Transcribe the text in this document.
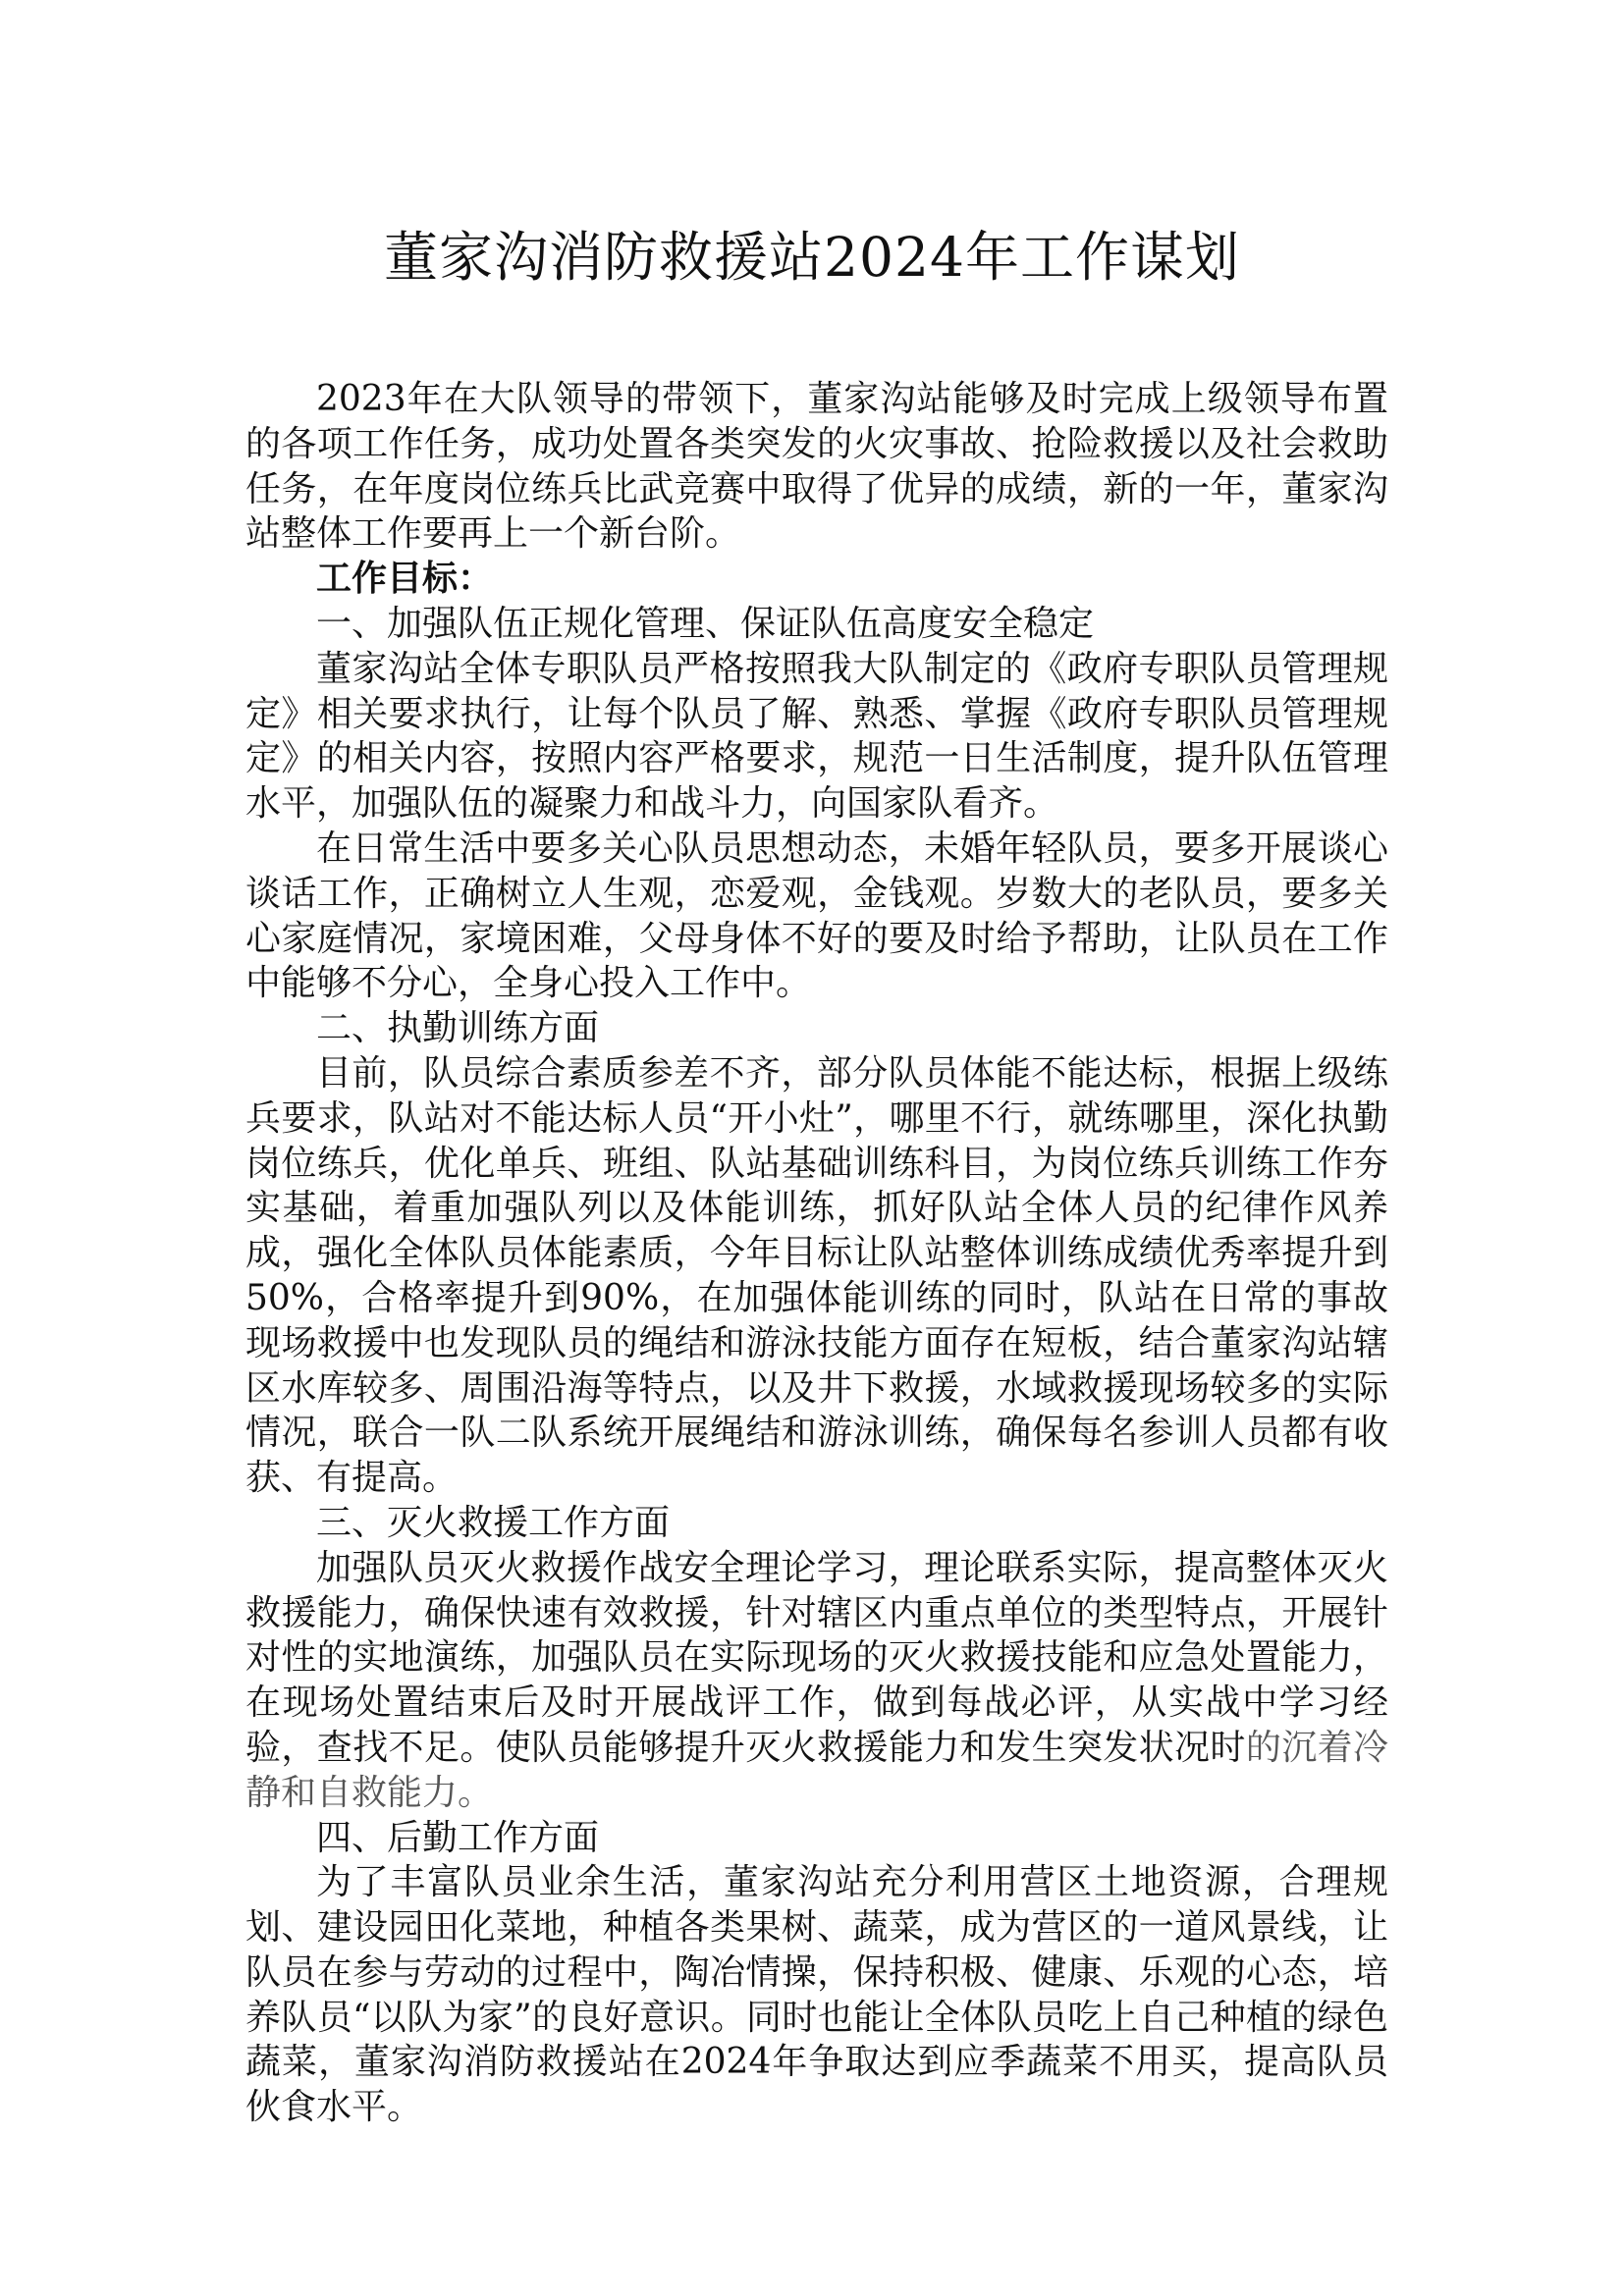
董家沟消防救援站2024年工作谋划

2023年在大队领导的带领下，董家沟站能够及时完成上级领导布置的各项工作任务，成功处置各类突发的火灾事故、抢险救援以及社会救助任务，在年度岗位练兵比武竞赛中取得了优异的成绩，新的一年，董家沟站整体工作要再上一个新台阶。

工作目标：

一、加强队伍正规化管理、保证队伍高度安全稳定

董家沟站全体专职队员严格按照我大队制定的《政府专职队员管理规定》相关要求执行，让每个队员了解、熟悉、掌握《政府专职队员管理规定》的相关内容，按照内容严格要求，规范一日生活制度，提升队伍管理水平，加强队伍的凝聚力和战斗力，向国家队看齐。

在日常生活中要多关心队员思想动态，未婚年轻队员，要多开展谈心谈话工作，正确树立人生观，恋爱观，金钱观。岁数大的老队员，要多关心家庭情况，家境困难，父母身体不好的要及时给予帮助，让队员在工作中能够不分心，全身心投入工作中。

二、执勤训练方面

目前，队员综合素质参差不齐，部分队员体能不能达标，根据上级练兵要求，队站对不能达标人员“开小灶”，哪里不行，就练哪里，深化执勤岗位练兵，优化单兵、班组、队站基础训练科目，为岗位练兵训练工作夯实基础，着重加强队列以及体能训练，抓好队站全体人员的纪律作风养成，强化全体队员体能素质，今年目标让队站整体训练成绩优秀率提升到50%，合格率提升到90%，在加强体能训练的同时，队站在日常的事故现场救援中也发现队员的绳结和游泳技能方面存在短板，结合董家沟站辖区水库较多、周围沿海等特点，以及井下救援，水域救援现场较多的实际情况，联合一队二队系统开展绳结和游泳训练，确保每名参训人员都有收获、有提高。

三、灭火救援工作方面

加强队员灭火救援作战安全理论学习，理论联系实际，提高整体灭火救援能力，确保快速有效救援，针对辖区内重点单位的类型特点，开展针对性的实地演练，加强队员在实际现场的灭火救援技能和应急处置能力，在现场处置结束后及时开展战评工作，做到每战必评，从实战中学习经验，查找不足。使队员能够提升灭火救援能力和发生突发状况时的沉着冷静和自救能力。

四、后勤工作方面

为了丰富队员业余生活，董家沟站充分利用营区土地资源，合理规划、建设园田化菜地，种植各类果树、蔬菜，成为营区的一道风景线，让队员在参与劳动的过程中，陶冶情操，保持积极、健康、乐观的心态，培养队员“以队为家”的良好意识。同时也能让全体队员吃上自己种植的绿色蔬菜，董家沟消防救援站在2024年争取达到应季蔬菜不用买，提高队员伙食水平。
